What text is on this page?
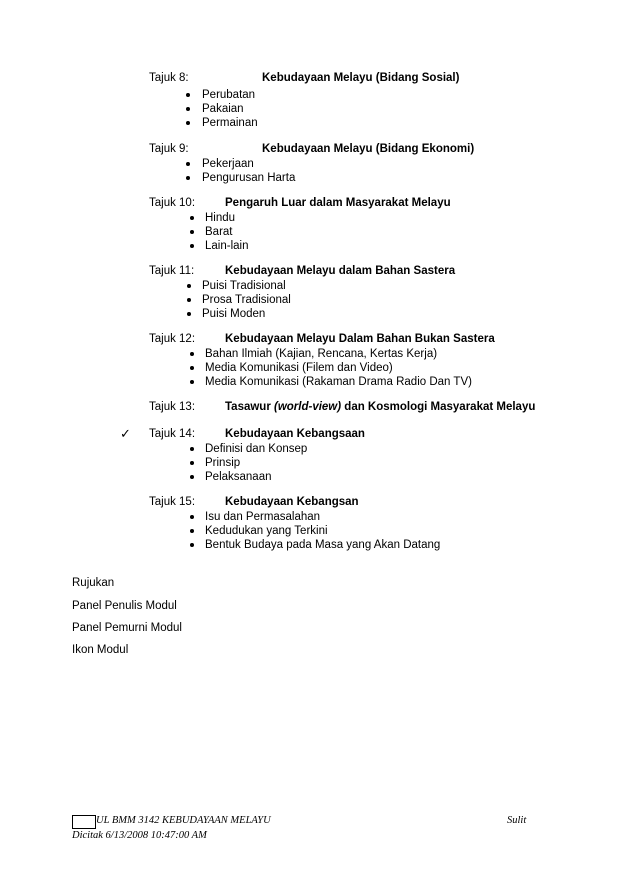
Tajuk 8:	Kebudayaan Melayu (Bidang Sosial)
Perubatan
Pakaian
Permainan
Tajuk 9:	Kebudayaan Melayu (Bidang Ekonomi)
Pekerjaan
Pengurusan Harta
Tajuk 10:	Pengaruh Luar dalam Masyarakat Melayu
Hindu
Barat
Lain-lain
Tajuk 11:	Kebudayaan Melayu dalam Bahan Sastera
Puisi Tradisional
Prosa Tradisional
Puisi Moden
Tajuk 12:	Kebudayaan Melayu Dalam Bahan Bukan Sastera
Bahan Ilmiah (Kajian, Rencana, Kertas Kerja)
Media Komunikasi (Filem dan Video)
Media Komunikasi (Rakaman Drama Radio Dan TV)
Tajuk 13:	Tasawur (world-view) dan Kosmologi Masyarakat Melayu
✓ Tajuk 14:	Kebudayaan Kebangsaan
Definisi dan Konsep
Prinsip
Pelaksanaan
Tajuk 15:	Kebudayaan Kebangsan
Isu dan Permasalahan
Kedudukan yang Terkini
Bentuk Budaya pada Masa yang Akan Datang
Rujukan
Panel Penulis Modul
Panel Pemurni Modul
Ikon Modul
UL BMM 3142 KEBUDAYAAN MELAYU	Sulit
Dicitak 6/13/2008 10:47:00 AM
